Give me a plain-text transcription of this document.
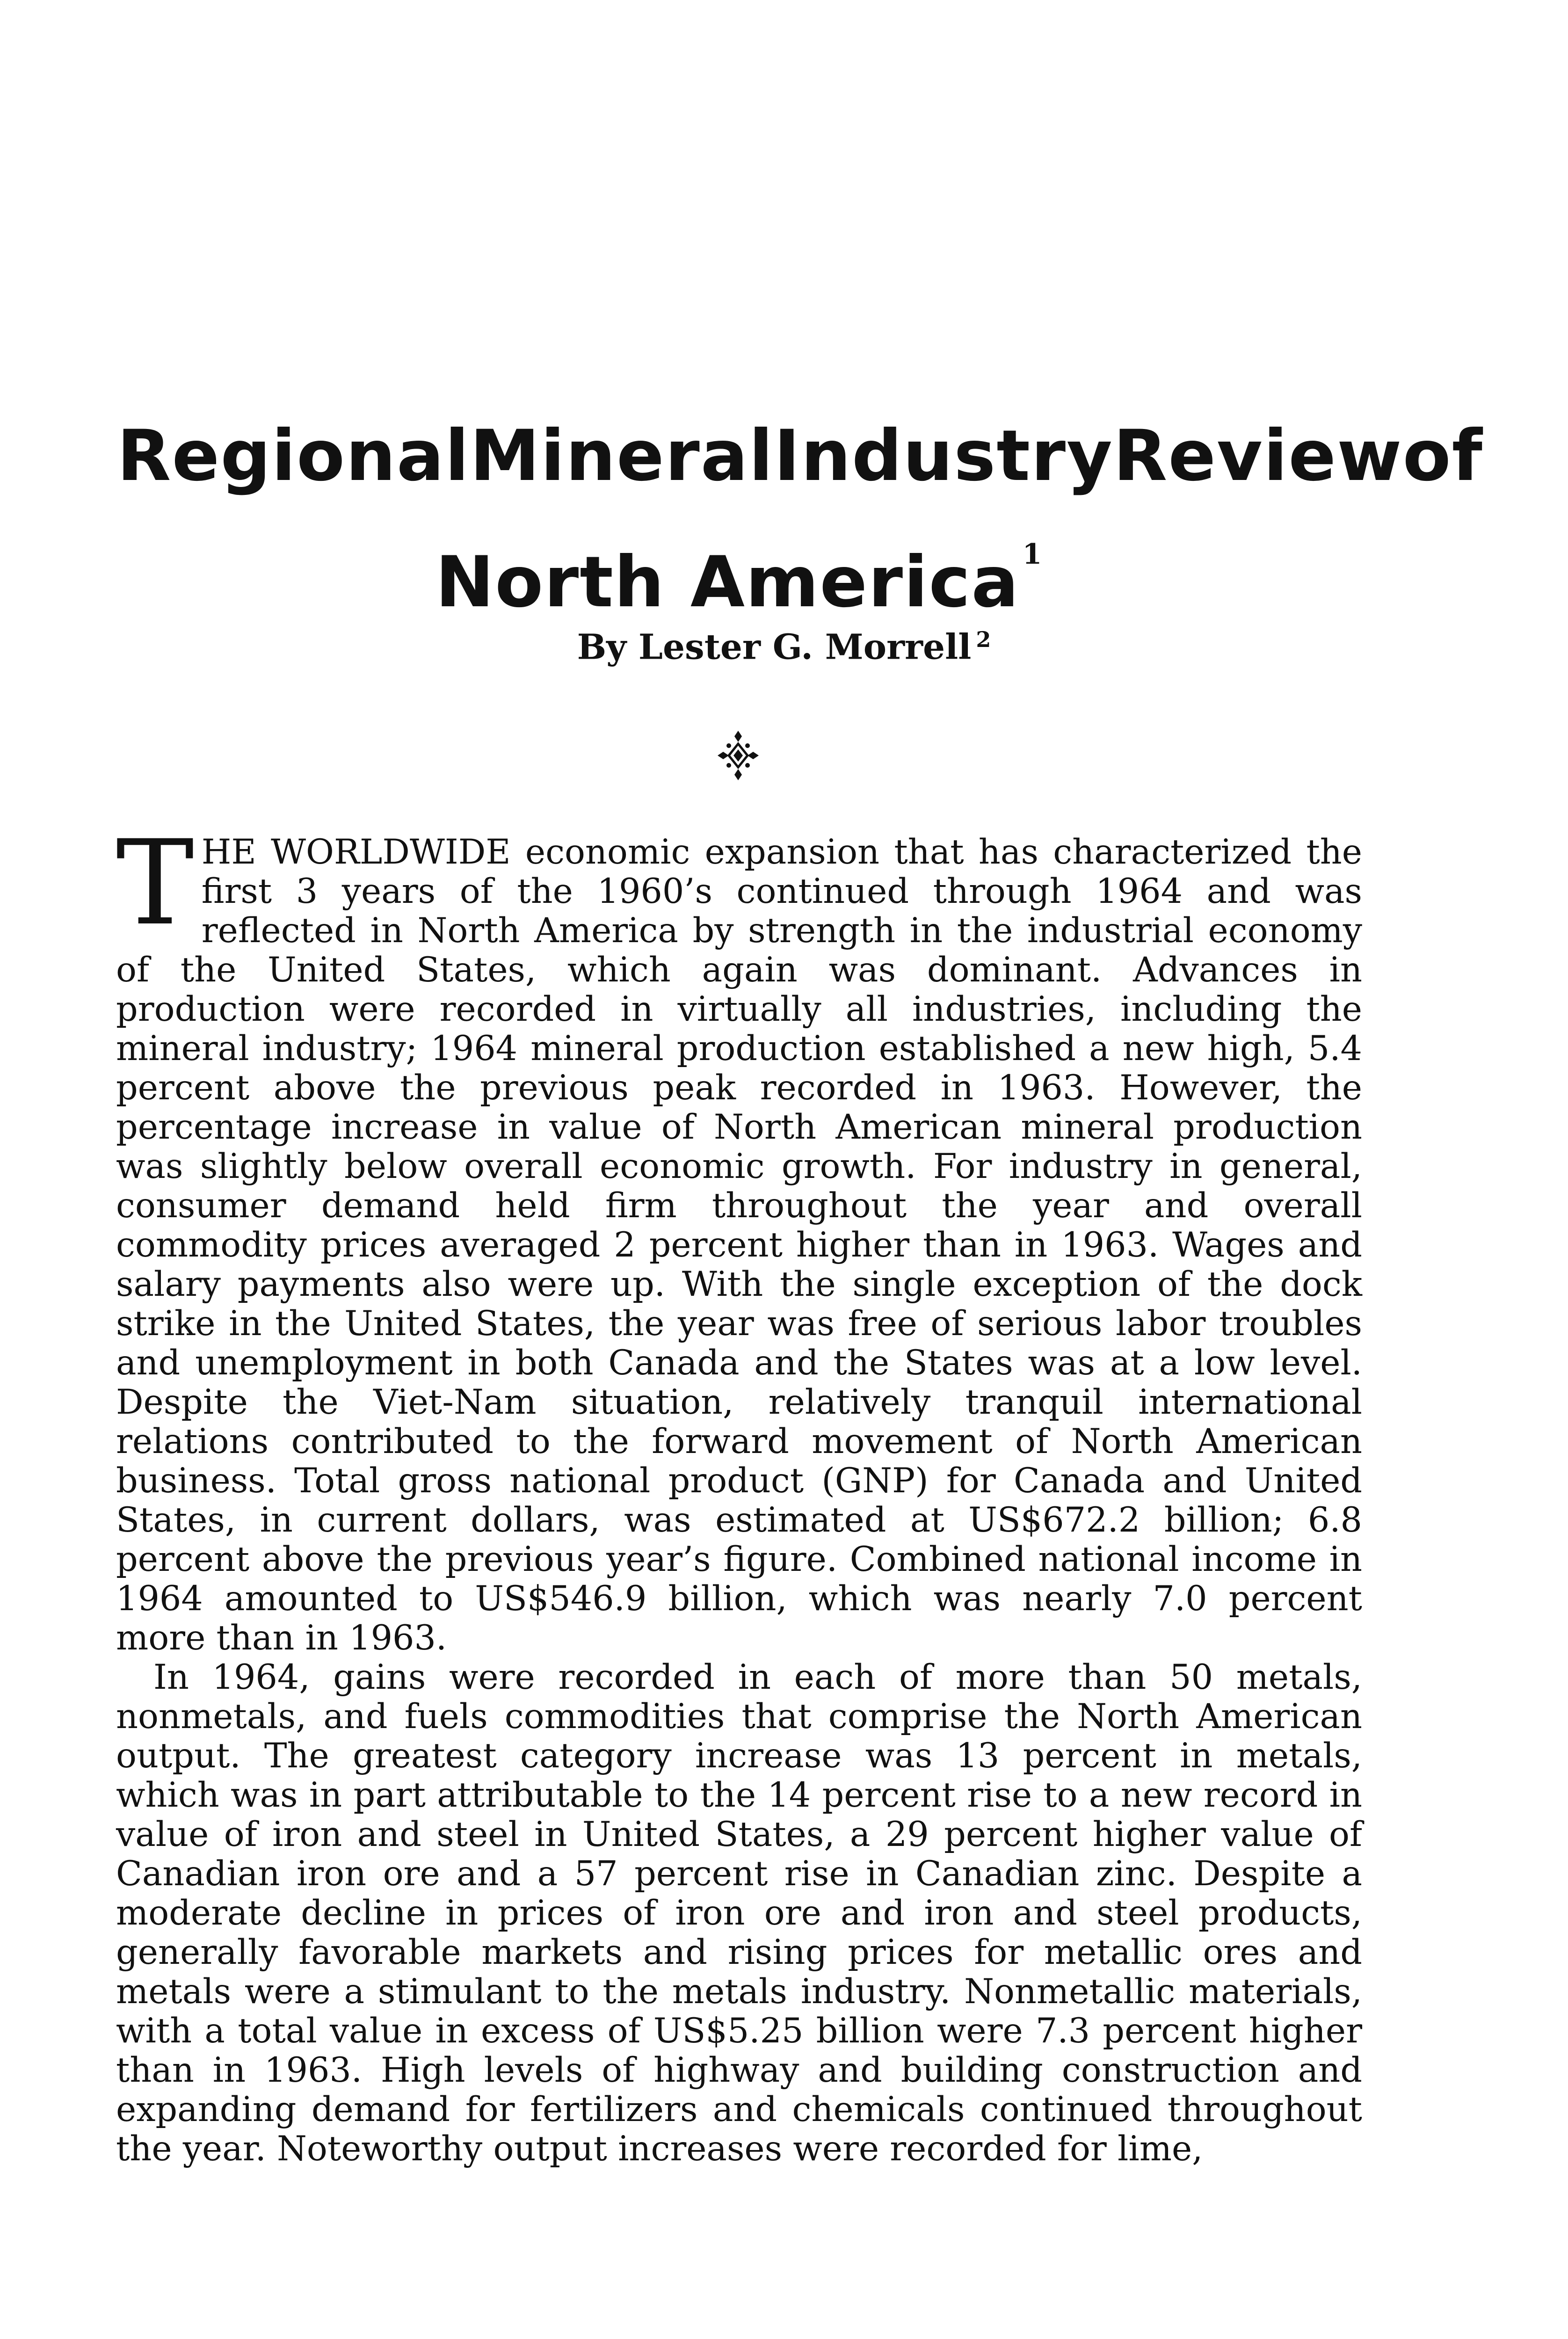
Regional Mineral Industry Review of
North America $^1$
By Lester G. Morrell $^2$

THE WORLDWIDE economic expansion that has characterized the first 3 years of the 1960’s continued through 1964 and was reflected in North America by strength in the industrial economy of the United States, which again was dominant. Advances in production were recorded in virtually all industries, including the mineral industry; 1964 mineral production established a new high, 5.4 percent above the previous peak recorded in 1963. However, the percentage increase in value of North American mineral production was slightly below overall economic growth. For industry in general, consumer demand held firm throughout the year and overall commodity prices averaged 2 percent higher than in 1963. Wages and salary payments also were up. With the single exception of the dock strike in the United States, the year was free of serious labor troubles and unemployment in both Canada and the States was at a low level. Despite the Viet-Nam situation, relatively tranquil international relations contributed to the forward movement of North American business. Total gross national product (GNP) for Canada and United States, in current dollars, was estimated at US$672.2 billion; 6.8 percent above the previous year’s figure. Combined national income in 1964 amounted to US$546.9 billion, which was nearly 7.0 percent more than in 1963.

In 1964, gains were recorded in each of more than 50 metals, nonmetals, and fuels commodities that comprise the North American output. The greatest category increase was 13 percent in metals, which was in part attributable to the 14 percent rise to a new record in value of iron and steel in United States, a 29 percent higher value of Canadian iron ore and a 57 percent rise in Canadian zinc. Despite a moderate decline in prices of iron ore and iron and steel products, generally favorable markets and rising prices for metallic ores and metals were a stimulant to the metals industry. Nonmetallic materials, with a total value in excess of US$5.25 billion were 7.3 percent higher than in 1963. High levels of highway and building construction and expanding demand for fertilizers and chemicals continued throughout the year. Noteworthy output increases were recorded for lime,
